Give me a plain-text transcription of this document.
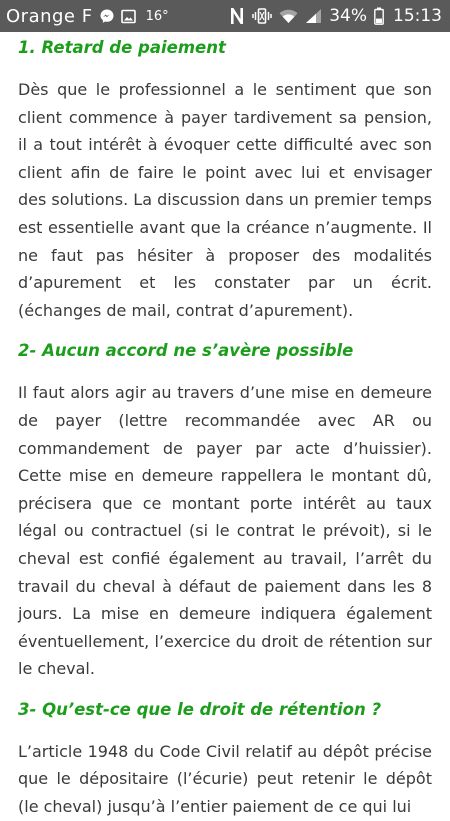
Orange F	16°	34% 15:13
1. Retard de paiement

Dès que le professionnel a le sentiment que son client commence à payer tardivement sa pension, il a tout intérêt à évoquer cette difficulté avec son client afin de faire le point avec lui et envisager des solutions. La discussion dans un premier temps est essentielle avant que la créance n’augmente. Il ne faut pas hésiter à proposer des modalités d’apurement et les constater par un écrit. (échanges de mail, contrat d’apurement).

2- Aucun accord ne s’avère possible

Il faut alors agir au travers d’une mise en demeure de payer (lettre recommandée avec AR ou commandement de payer par acte d’huissier). Cette mise en demeure rappellera le montant dû, précisera que ce montant porte intérêt au taux légal ou contractuel (si le contrat le prévoit), si le cheval est confié également au travail, l’arrêt du travail du cheval à défaut de paiement dans les 8 jours. La mise en demeure indiquera également éventuellement, l’exercice du droit de rétention sur le cheval.

3- Qu’est-ce que le droit de rétention ?

L’article 1948 du Code Civil relatif au dépôt précise que le dépositaire (l’écurie) peut retenir le dépôt (le cheval) jusqu’à l’entier paiement de ce qui lui
